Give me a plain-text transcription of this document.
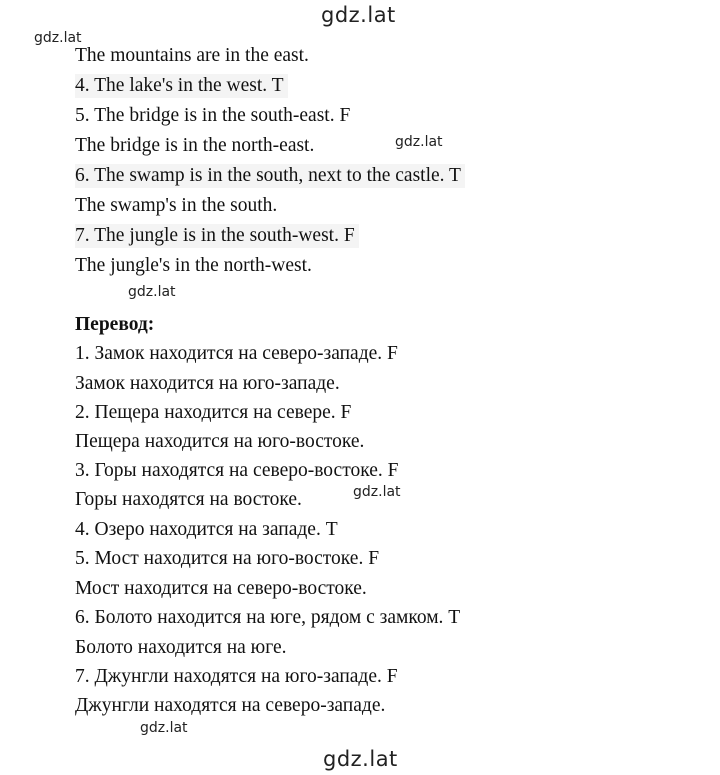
gdz.lat
gdz.lat
gdz.lat
gdz.lat
gdz.lat
gdz.lat
gdz.lat
The mountains are in the east.
4. The lake's in the west. T
5. The bridge is in the south-east. F
The bridge is in the north-east.
6. The swamp is in the south, next to the castle. T
The swamp's in the south.
7. The jungle is in the south-west. F
The jungle's in the north-west.
Перевод:
1. Замок находится на северо-западе. F
Замок находится на юго-западе.
2. Пещера находится на севере. F
Пещера находится на юго-востоке.
3. Горы находятся на северо-востоке. F
Горы находятся на востоке.
4. Озеро находится на западе. T
5. Мост находится на юго-востоке. F
Мост находится на северо-востоке.
6. Болото находится на юге, рядом с замком. T
Болото находится на юге.
7. Джунгли находятся на юго-западе. F
Джунгли находятся на северо-западе.
